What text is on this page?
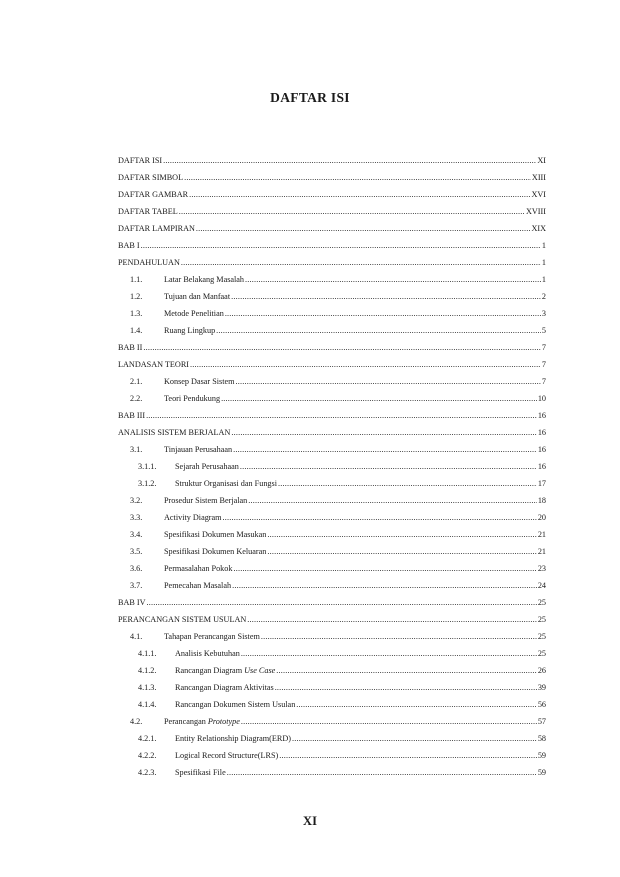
DAFTAR ISI
DAFTAR ISI .....	XI
DAFTAR SIMBOL .....	XIII
DAFTAR GAMBAR .....	XVI
DAFTAR TABEL .....	XVIII
DAFTAR LAMPIRAN .....	XIX
BAB I .....	1
PENDAHULUAN .....	1
1.1.	Latar Belakang Masalah .....	1
1.2.	Tujuan dan Manfaat .....	2
1.3.	Metode Penelitian .....	3
1.4.	Ruang Lingkup .....	5
BAB II .....	7
LANDASAN TEORI .....	7
2.1.	Konsep Dasar Sistem .....	7
2.2.	Teori Pendukung .....	10
BAB III .....	16
ANALISIS SISTEM BERJALAN .....	16
3.1.	Tinjauan Perusahaan .....	16
3.1.1. Sejarah Perusahaan .....	16
3.1.2. Struktur Organisasi dan Fungsi .....	17
3.2.	Prosedur Sistem Berjalan .....	18
3.3.	Activity Diagram .....	20
3.4.	Spesifikasi Dokumen Masukan .....	21
3.5.	Spesifikasi Dokumen Keluaran .....	21
3.6.	Permasalahan Pokok .....	23
3.7.	Pemecahan Masalah .....	24
BAB IV .....	25
PERANCANGAN SISTEM USULAN .....	25
4.1.	Tahapan Perancangan Sistem .....	25
4.1.1. Analisis Kebutuhan .....	25
4.1.2. Rancangan Diagram Use Case .....	26
4.1.3. Rancangan Diagram Aktivitas .....	39
4.1.4. Rancangan Dokumen Sistem Usulan .....	56
4.2.	Perancangan Prototype .....	57
4.2.1. Entity Relationship Diagram(ERD) .....	58
4.2.2. Logical Record Structure(LRS) .....	59
4.2.3. Spesifikasi File .....	59
XI
